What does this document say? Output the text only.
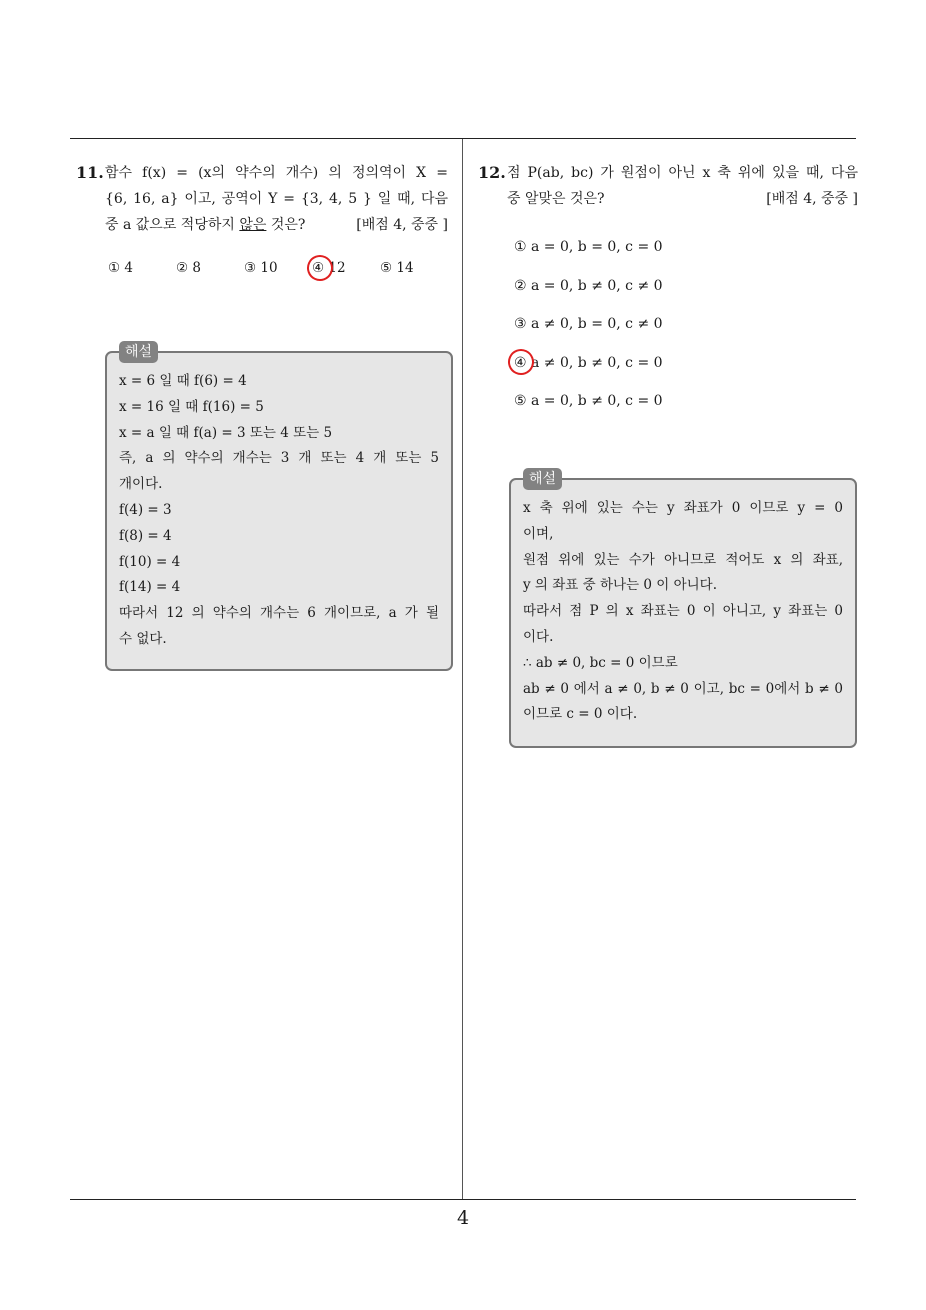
4
11. 함수 f(x) = (x의 약수의 개수) 의 정의역이 X =
{6, 16, a} 이고, 공역이 Y = {3, 4, 5 } 일 때, 다음
중 a 값으로 적당하지 않은 것은?	[배점 4, 중중 ]
① 4	② 8	③ 10	④ 12	⑤ 14
해설
x = 6 일 때 f(6) = 4
x = 16 일 때 f(16) = 5
x = a 일 때 f(a) = 3 또는 4 또는 5
즉, a 의 약수의 개수는 3 개 또는 4 개 또는 5
개이다.
f(4) = 3
f(8) = 4
f(10) = 4
f(14) = 4
따라서 12 의 약수의 개수는 6 개이므로, a 가 될
수 없다.
12. 점 P(ab, bc) 가 원점이 아닌 x 축 위에 있을 때, 다음
중 알맞은 것은?	[배점 4, 중중 ]
① a = 0, b = 0, c = 0
② a = 0, b ≠ 0, c ≠ 0
③ a ≠ 0, b = 0, c ≠ 0
④ a ≠ 0, b ≠ 0, c = 0
⑤ a = 0, b ≠ 0, c = 0
해설
x 축 위에 있는 수는 y 좌표가 0 이므로 y = 0
이며,
원점 위에 있는 수가 아니므로 적어도 x 의 좌표,
y 의 좌표 중 하나는 0 이 아니다.
따라서 점 P 의 x 좌표는 0 이 아니고, y 좌표는 0
이다.
∴ ab ≠ 0, bc = 0 이므로
ab ≠ 0 에서 a ≠ 0, b ≠ 0 이고, bc = 0에서 b ≠ 0
이므로 c = 0 이다.
